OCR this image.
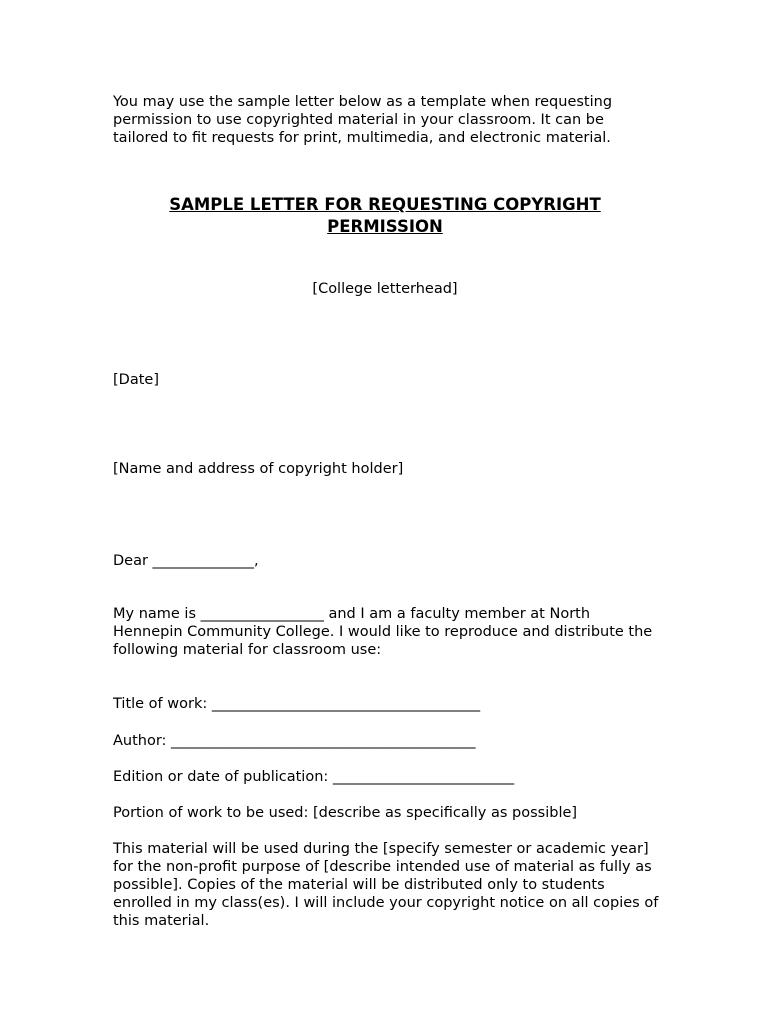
You may use the sample letter below as a template when requesting permission to use copyrighted material in your classroom. It can be tailored to fit requests for print, multimedia, and electronic material.

SAMPLE LETTER FOR REQUESTING COPYRIGHT PERMISSION

[College letterhead]

[Date]

[Name and address of copyright holder]

Dear ______________,

My name is _________________ and I am a faculty member at North Hennepin Community College. I would like to reproduce and distribute the following material for classroom use:

Title of work: _____________________________________

Author: __________________________________________

Edition or date of publication: _________________________

Portion of work to be used: [describe as specifically as possible]

This material will be used during the [specify semester or academic year] for the non-profit purpose of [describe intended use of material as fully as possible]. Copies of the material will be distributed only to students enrolled in my class(es). I will include your copyright notice on all copies of this material.
